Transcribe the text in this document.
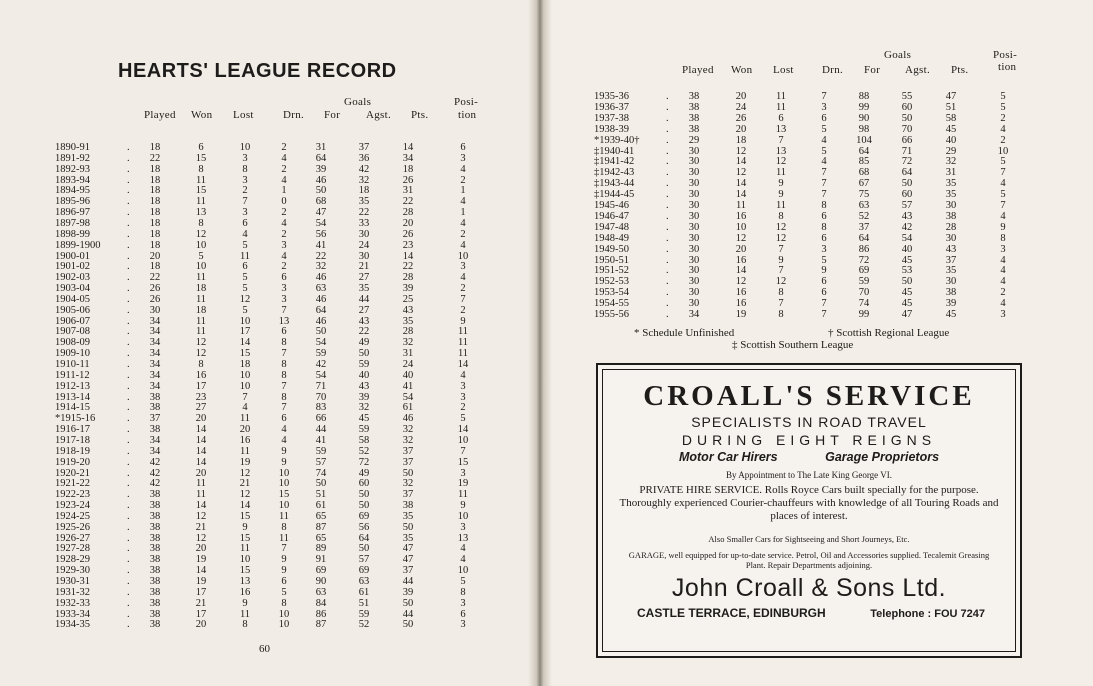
HEARTS' LEAGUE RECORD
Goals	Posi-
Played Won Lost	Drn. For Agst. Pts.	tion
1890-91	18	6	10	2	31	37	14	6
.
1891-92	22	15	3	4	64	36	34	3
.
1892-93	18	8	8	2	39	42	18	4
.
1893-94	18	11	3	4	46	32	26	2
.
1894-95	18	15	2	1	50	18	31	1
.
1895-96	18	11	7	0	68	35	22	4
.
1896-97	18	13	3	2	47	22	28	1
.
1897-98	18	8	6	4	54	33	20	4
.
1898-99	18	12	4	2	56	30	26	2
.
1899-1900	18	10	5	3	41	24	23	4
.
1900-01	20	5	11	4	22	30	14	10
.
1901-02	18	10	6	2	32	21	22	3
.
1902-03	22	11	5	6	46	27	28	4
.
1903-04	26	18	5	3	63	35	39	2
.
1904-05	26	11	12	3	46	44	25	7
.
1905-06	30	18	5	7	64	27	43	2
.
1906-07	34	11	10	13	46	43	35	9
.
1907-08	34	11	17	6	50	22	28	11
.
1908-09	34	12	14	8	54	49	32	11
.
1909-10	34	12	15	7	59	50	31	11
.
1910-11	34	8	18	8	42	59	24	14
.
1911-12	34	16	10	8	54	40	40	4
.
1912-13	34	17	10	7	71	43	41	3
.
1913-14	38	23	7	8	70	39	54	3
.
1914-15	38	27	4	7	83	32	61	2
.
*1915-16	37	20	11	6	66	45	46	5
.
1916-17	38	14	20	4	44	59	32	14
.
1917-18	34	14	16	4	41	58	32	10
.
1918-19	34	14	11	9	59	52	37	7
.
1919-20	42	14	19	9	57	72	37	15
.
1920-21	42	20	12	10	74	49	50	3
.
1921-22	42	11	21	10	50	60	32	19
.
1922-23	38	11	12	15	51	50	37	11
.
1923-24	38	14	14	10	61	50	38	9
.
1924-25	38	12	15	11	65	69	35	10
.
1925-26	38	21	9	8	87	56	50	3
.
1926-27	38	12	15	11	65	64	35	13
.
1927-28	38	20	11	7	89	50	47	4
.
1928-29	38	19	10	9	91	57	47	4
.
1929-30	38	14	15	9	69	69	37	10
.
1930-31	38	19	13	6	90	63	44	5
.
1931-32	38	17	16	5	63	61	39	8
.
1932-33	38	21	9	8	84	51	50	3
.
1933-34	38	17	11	10	86	59	44	6
.
1934-35	38	20	8	10	87	52	50	3
.
Goals	Posi-
Played Won Lost	Drn. For Agst. Pts.	tion
1935-36	38	20	11	7	88	55	47	5
.
1936-37	38	24	11	3	99	60	51	5
.
1937-38	38	26	6	6	90	50	58	2
.
1938-39	38	20	13	5	98	70	45	4
.
*1939-40†	29	18	7	4	104	66	40	2
.
‡1940-41	30	12	13	5	64	71	29	10
.
‡1941-42	30	14	12	4	85	72	32	5
.
‡1942-43	30	12	11	7	68	64	31	7
.
‡1943-44	30	14	9	7	67	50	35	4
.
‡1944-45	30	14	9	7	75	60	35	5
.
1945-46	30	11	11	8	63	57	30	7
.
1946-47	30	16	8	6	52	43	38	4
.
1947-48	30	10	12	8	37	42	28	9
.
1948-49	30	12	12	6	64	54	30	8
.
1949-50	30	20	7	3	86	40	43	3
.
1950-51	30	16	9	5	72	45	37	4
.
1951-52	30	14	7	9	69	53	35	4
.
1952-53	30	12	12	6	59	50	30	4
.
1953-54	30	16	8	6	70	45	38	2
.
1954-55	30	16	7	7	74	45	39	4
.
1955-56	34	19	8	7	99	47	45	3
.
* Schedule Unfinished	† Scottish Regional League
‡ Scottish Southern League
60
CROALL'S SERVICE
SPECIALISTS IN ROAD TRAVEL
DURING EIGHT REIGNS
Motor Car Hirers	Garage Proprietors
By Appointment to The Late King George VI.
PRIVATE HIRE SERVICE. Rolls Royce Cars built specially for the purpose. Thoroughly experienced Courier-chauffeurs with knowledge of all Touring Roads and places of interest.
Also Smaller Cars for Sightseeing and Short Journeys, Etc.
GARAGE, well equipped for up-to-date service. Petrol, Oil and Accessories supplied. Tecalemit Greasing Plant. Repair Departments adjoining.
John Croall & Sons Ltd.
CASTLE TERRACE, EDINBURGH	Telephone : FOU 7247
